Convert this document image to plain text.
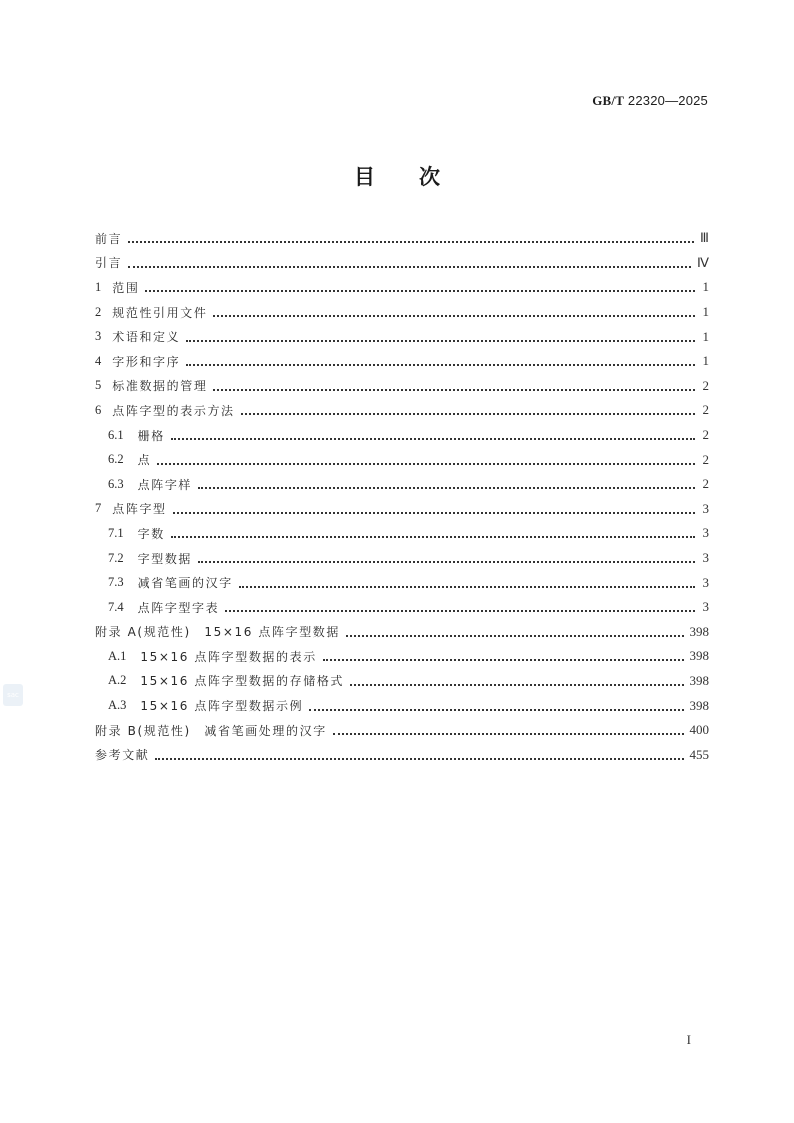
GB/T 22320—2025
目 次
前言	Ⅲ
引言	Ⅳ
1 范围	1
2 规范性引用文件	1
3 术语和定义	1
4 字形和字序	1
5 标准数据的管理	2
6 点阵字型的表示方法	2
6.1 栅格	2
6.2 点	2
6.3 点阵字样	2
7 点阵字型	3
7.1 字数	3
7.2 字型数据	3
7.3 减省笔画的汉字	3
7.4 点阵字型字表	3
附录 A(规范性)　15×16 点阵字型数据	398
A.1 15×16 点阵字型数据的表示	398
A.2 15×16 点阵字型数据的存储格式	398
A.3 15×16 点阵字型数据示例	398
附录 B(规范性)　减省笔画处理的汉字	400
参考文献	455
sac
I
